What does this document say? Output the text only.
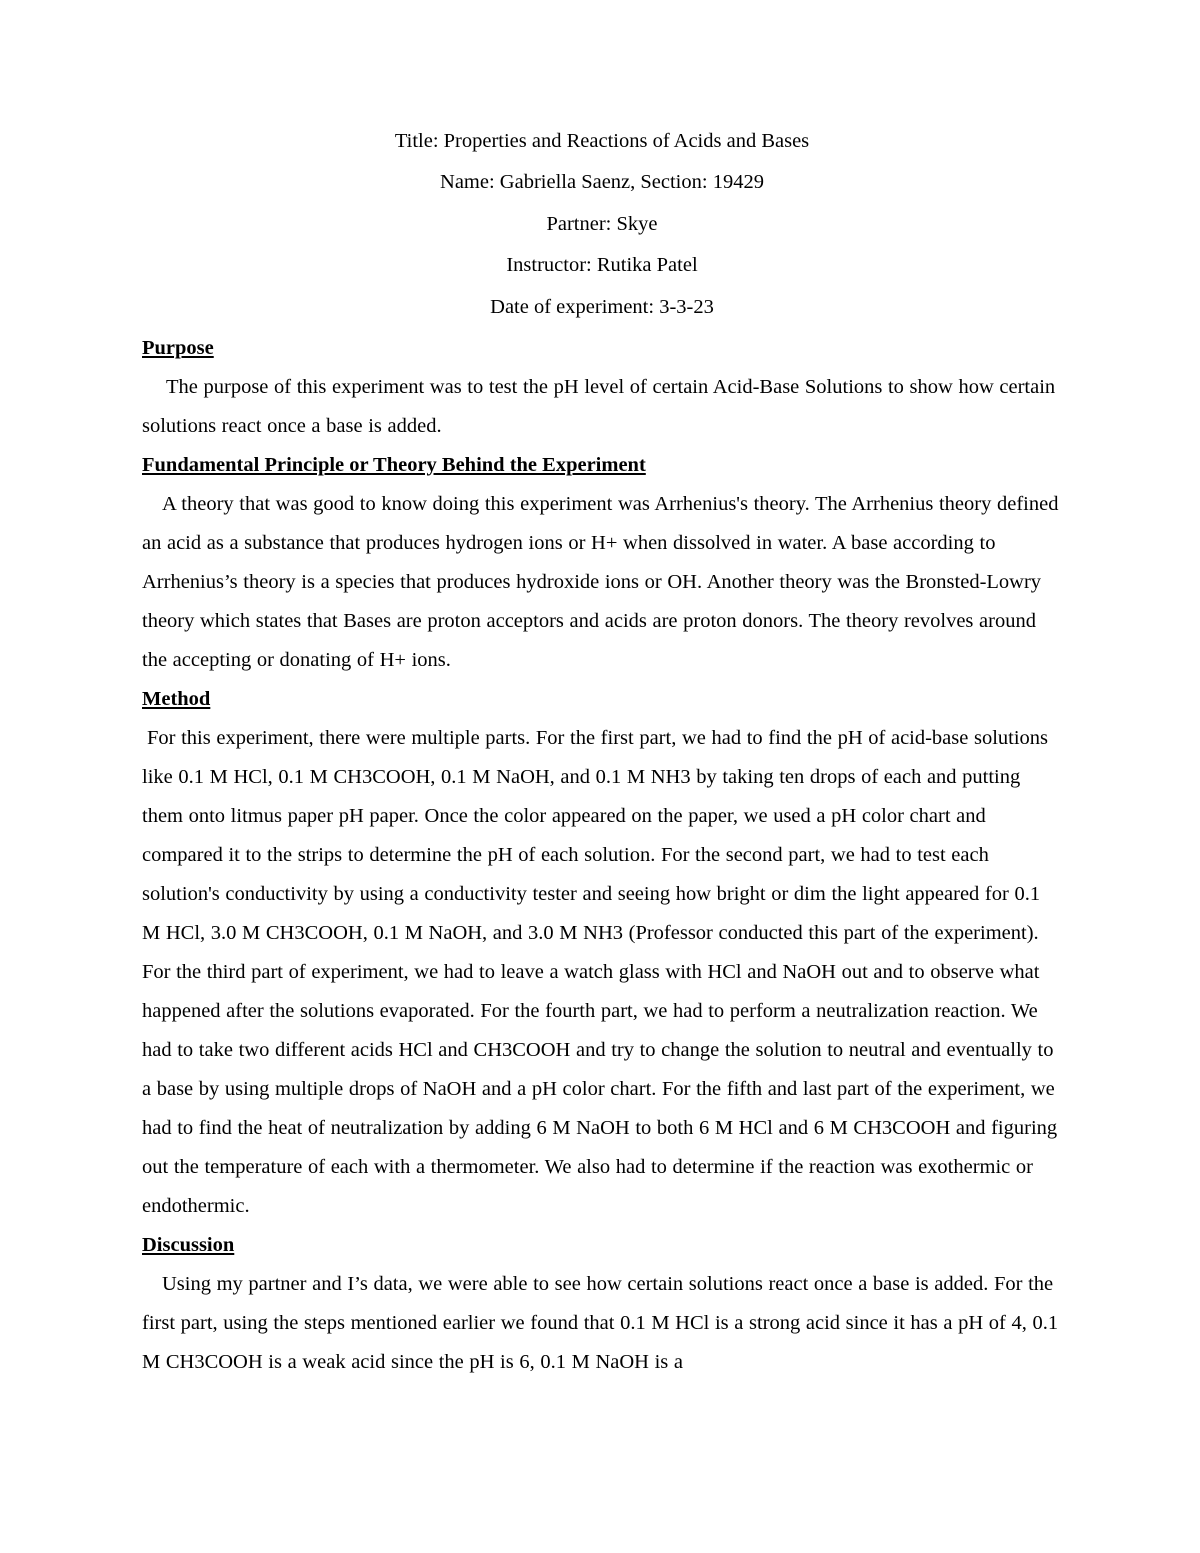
Title: Properties and Reactions of Acids and Bases
Name: Gabriella Saenz, Section: 19429
Partner: Skye
Instructor: Rutika Patel
Date of experiment: 3-3-23
Purpose

The purpose of this experiment was to test the pH level of certain Acid-Base Solutions to show how certain solutions react once a base is added.

Fundamental Principle or Theory Behind the Experiment

A theory that was good to know doing this experiment was Arrhenius's theory. The Arrhenius theory defined an acid as a substance that produces hydrogen ions or H+ when dissolved in water. A base according to Arrhenius’s theory is a species that produces hydroxide ions or OH. Another theory was the Bronsted-Lowry theory which states that Bases are proton acceptors and acids are proton donors. The theory revolves around the accepting or donating of H+ ions.

Method

For this experiment, there were multiple parts. For the first part, we had to find the pH of acid-base solutions like 0.1 M HCl, 0.1 M CH3COOH, 0.1 M NaOH, and 0.1 M NH3 by taking ten drops of each and putting them onto litmus paper pH paper. Once the color appeared on the paper, we used a pH color chart and compared it to the strips to determine the pH of each solution. For the second part, we had to test each solution's conductivity by using a conductivity tester and seeing how bright or dim the light appeared for 0.1 M HCl, 3.0 M CH3COOH, 0.1 M NaOH, and 3.0 M NH3 (Professor conducted this part of the experiment). For the third part of experiment, we had to leave a watch glass with HCl and NaOH out and to observe what happened after the solutions evaporated. For the fourth part, we had to perform a neutralization reaction. We had to take two different acids HCl and CH3COOH and try to change the solution to neutral and eventually to a base by using multiple drops of NaOH and a pH color chart. For the fifth and last part of the experiment, we had to find the heat of neutralization by adding 6 M NaOH to both 6 M HCl and 6 M CH3COOH and figuring out the temperature of each with a thermometer. We also had to determine if the reaction was exothermic or endothermic.

Discussion

Using my partner and I’s data, we were able to see how certain solutions react once a base is added. For the first part, using the steps mentioned earlier we found that 0.1 M HCl is a strong acid since it has a pH of 4, 0.1 M CH3COOH is a weak acid since the pH is 6, 0.1 M NaOH is a
